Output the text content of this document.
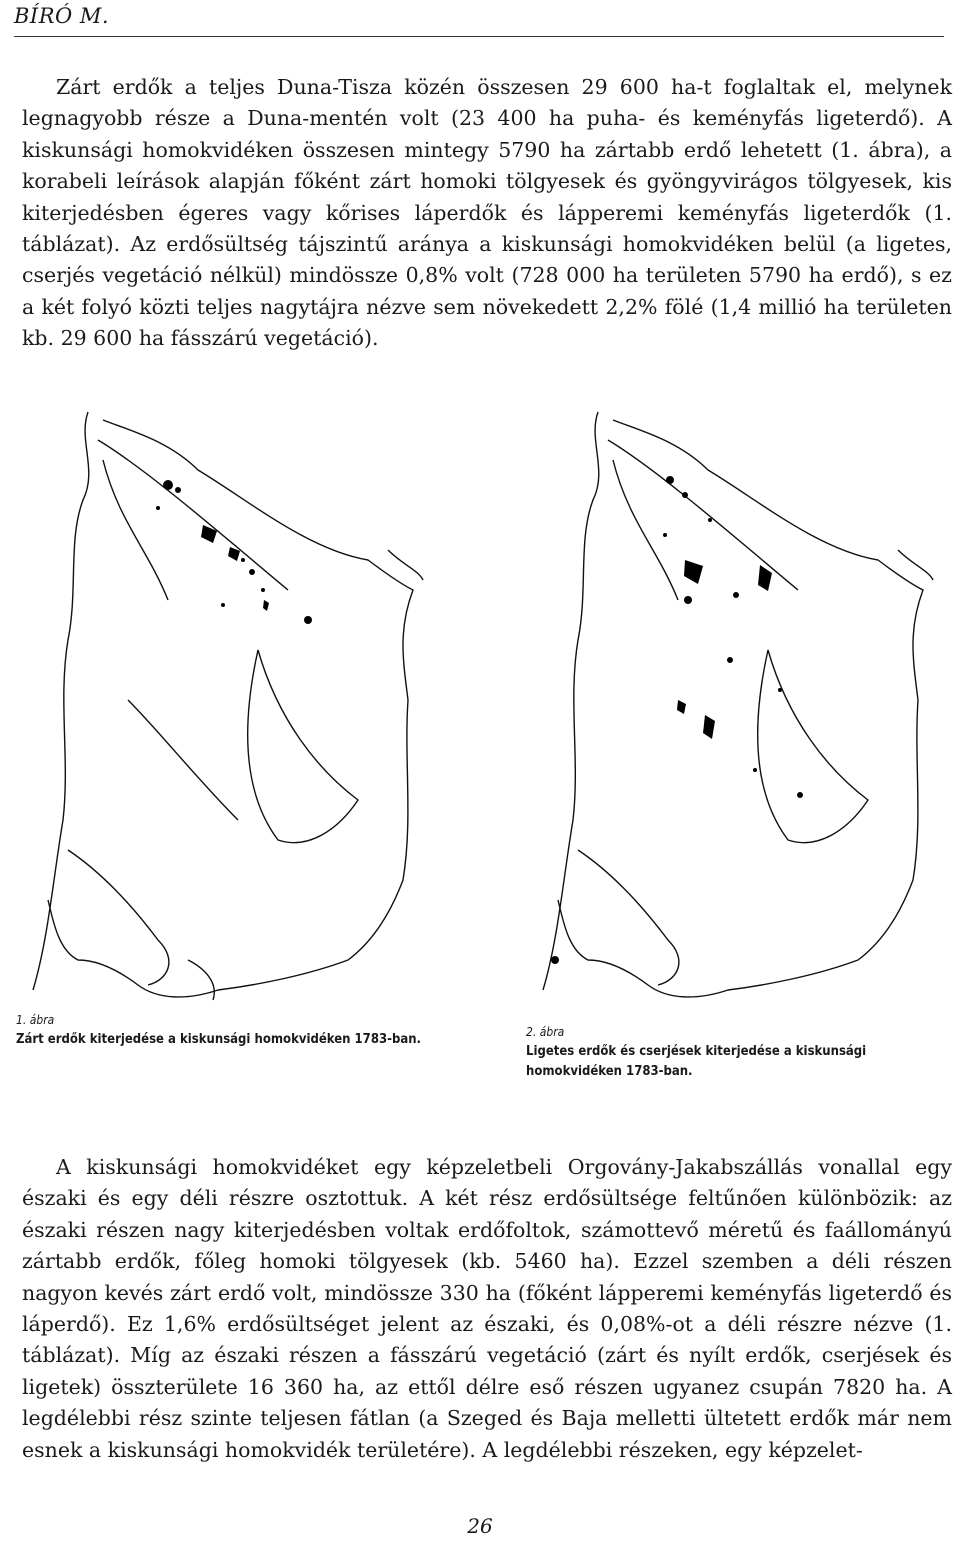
BÍRÓ M.

Zárt erdők a teljes Duna-Tisza közén összesen 29 600 ha-t foglaltak el, melynek legnagyobb része a Duna-mentén volt (23 400 ha puha- és keményfás ligeterdő). A kiskunsági homokvidéken összesen mintegy 5790 ha zártabb erdő lehetett (1. ábra), a korabeli leírások alapján főként zárt homoki tölgyesek és gyöngyvirágos tölgyesek, kis kiterjedésben égeres vagy kőrises láperdők és lápperemi keményfás ligeterdők (1. táblázat). Az erdősültség tájszintű aránya a kiskunsági homokvidéken belül (a ligetes, cserjés vegetáció nélkül) mindössze 0,8% volt (728 000 ha területen 5790 ha erdő), s ez a két folyó közti teljes nagytájra nézve sem növekedett 2,2% fölé (1,4 millió ha területen kb. 29 600 ha fásszárú vegetáció).

1. ábra
Zárt erdők kiterjedése a kiskunsági homokvidéken 1783-ban.	2. ábra
Ligetes erdők és cserjések kiterjedése a kiskunsági homokvidéken 1783-ban.

A kiskunsági homokvidéket egy képzeletbeli Orgovány-Jakabszállás vonallal egy északi és egy déli részre osztottuk. A két rész erdősültsége feltűnően különbözik: az északi részen nagy kiterjedésben voltak erdőfoltok, számottevő méretű és faállományú zártabb erdők, főleg homoki tölgyesek (kb. 5460 ha). Ezzel szemben a déli részen nagyon kevés zárt erdő volt, mindössze 330 ha (főként lápperemi keményfás ligeterdő és láperdő). Ez 1,6% erdősültséget jelent az északi, és 0,08%-ot a déli részre nézve (1. táblázat). Míg az északi részen a fásszárú vegetáció (zárt és nyílt erdők, cserjések és ligetek) összterülete 16 360 ha, az ettől délre eső részen ugyanez csupán 7820 ha. A legdélebbi rész szinte teljesen fátlan (a Szeged és Baja melletti ültetett erdők már nem esnek a kiskunsági homokvidék területére). A legdélebbi részeken, egy képzelet-

26
